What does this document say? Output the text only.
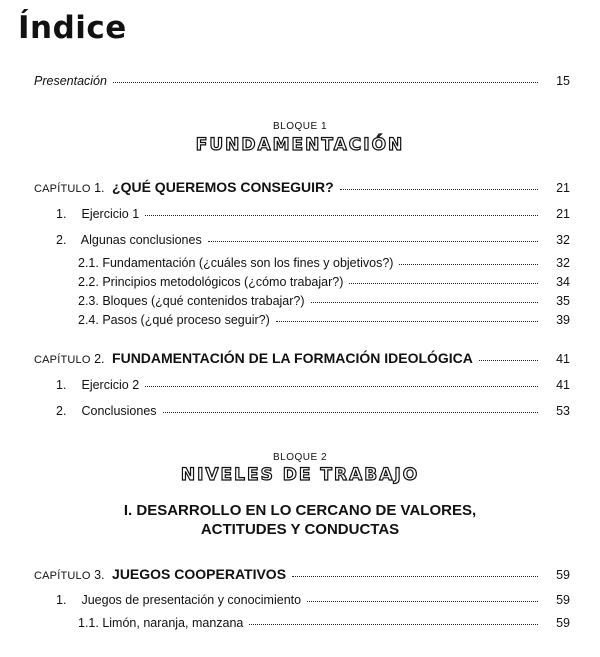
Índice
Presentación	15
BLOQUE 1
FUNDAMENTACIÓN
CAPÍTULO 1. ¿QUÉ QUEREMOS CONSEGUIR?	21
1. Ejercicio 1	21
2. Algunas conclusiones	32
2.1. Fundamentación (¿cuáles son los fines y objetivos?)	32
2.2. Principios metodológicos (¿cómo trabajar?)	34
2.3. Bloques (¿qué contenidos trabajar?)	35
2.4. Pasos (¿qué proceso seguir?)	39
CAPÍTULO 2. FUNDAMENTACIÓN DE LA FORMACIÓN IDEOLÓGICA	41
1. Ejercicio 2	41
2. Conclusiones	53
BLOQUE 2
NIVELES DE TRABAJO
I. DESARROLLO EN LO CERCANO DE VALORES,
ACTITUDES Y CONDUCTAS
CAPÍTULO 3. JUEGOS COOPERATIVOS	59
1. Juegos de presentación y conocimiento	59
1.1. Limón, naranja, manzana	59
